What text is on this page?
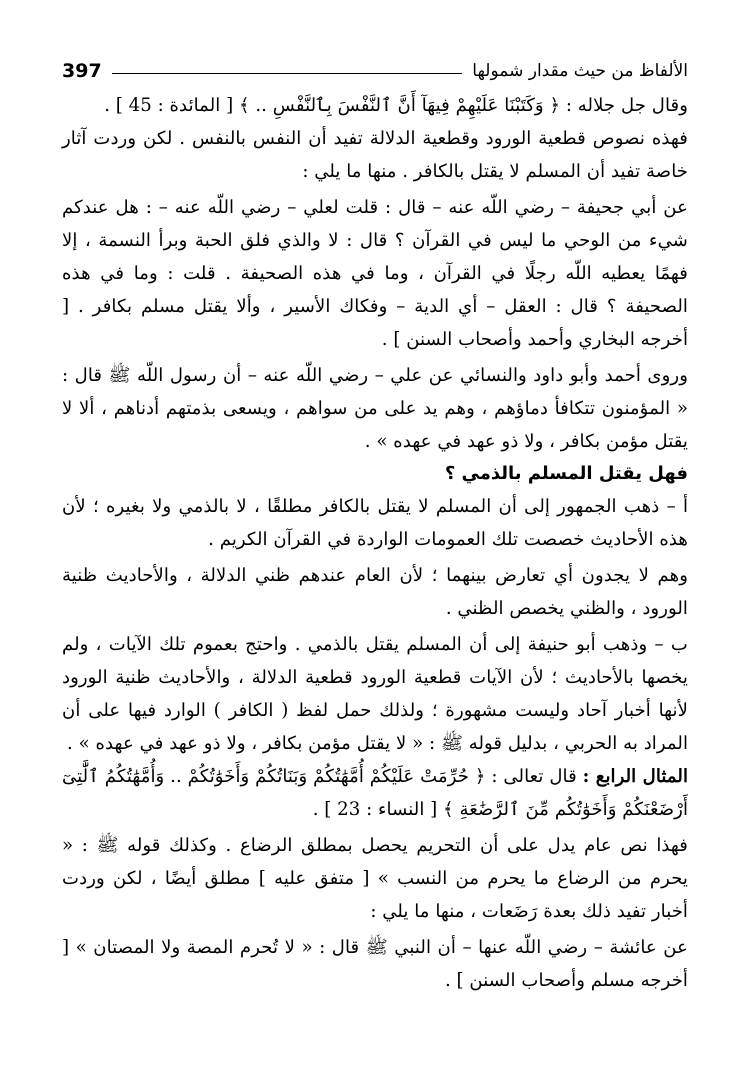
الألفاظ من حيث مقدار شمولها
397

وقال جل جلاله : ﴿ وَكَتَبْنَا عَلَيْهِمْ فِيهَآ أَنَّ ٱلنَّفْسَ بِٱلنَّفْسِ .. ﴾ [ المائدة : 45 ] .

فهذه نصوص قطعية الورود وقطعية الدلالة تفيد أن النفس بالنفس . لكن وردت آثار خاصة تفيد أن المسلم لا يقتل بالكافر . منها ما يلي :

عن أبي جحيفة – رضي اللّه عنه – قال : قلت لعلي – رضي اللّه عنه – : هل عندكم شيء من الوحي ما ليس في القرآن ؟ قال : لا والذي فلق الحبة وبرأ النسمة ، إلا فهمًا يعطيه اللّه رجلًا في القرآن ، وما في هذه الصحيفة . قلت : وما في هذه الصحيفة ؟ قال : العقل – أي الدية – وفكاك الأسير ، وألا يقتل مسلم بكافر . [ أخرجه البخاري وأحمد وأصحاب السنن ] .

وروى أحمد وأبو داود والنسائي عن علي – رضي اللّه عنه – أن رسول اللّه ﷺ قال : « المؤمنون تتكافأ دماؤهم ، وهم يد على من سواهم ، ويسعى بذمتهم أدناهم ، ألا لا يقتل مؤمن بكافر ، ولا ذو عهد في عهده » .

فهل يقتل المسلم بالذمي ؟

أ – ذهب الجمهور إلى أن المسلم لا يقتل بالكافر مطلقًا ، لا بالذمي ولا بغيره ؛ لأن هذه الأحاديث خصصت تلك العمومات الواردة في القرآن الكريم .

وهم لا يجدون أي تعارض بينهما ؛ لأن العام عندهم ظني الدلالة ، والأحاديث ظنية الورود ، والظني يخصص الظني .

ب – وذهب أبو حنيفة إلى أن المسلم يقتل بالذمي . واحتج بعموم تلك الآيات ، ولم يخصها بالأحاديث ؛ لأن الآيات قطعية الورود قطعية الدلالة ، والأحاديث ظنية الورود لأنها أخبار آحاد وليست مشهورة ؛ ولذلك حمل لفظ ( الكافر ) الوارد فيها على أن المراد به الحربي ، بدليل قوله ﷺ : « لا يقتل مؤمن بكافر ، ولا ذو عهد في عهده » .

المثال الرابع : قال تعالى : ﴿ حُرِّمَتْ عَلَيْكُمْ أُمَّهَٰتُكُمْ وَبَنَاتُكُمْ وَأَخَوَٰتُكُمْ .. وَأُمَّهَٰتُكُمُ ٱلَّٰتِىٓ أَرْضَعْنَكُمْ وَأَخَوَٰتُكُم مِّنَ ٱلرَّضَٰعَةِ ﴾ [ النساء : 23 ] .

فهذا نص عام يدل على أن التحريم يحصل بمطلق الرضاع . وكذلك قوله ﷺ : « يحرم من الرضاع ما يحرم من النسب » [ متفق عليه ] مطلق أيضًا ، لكن وردت أخبار تفيد ذلك بعدة رَضَعات ، منها ما يلي :

عن عائشة – رضي اللّه عنها – أن النبي ﷺ قال : « لا تُحرم المصة ولا المصتان » [ أخرجه مسلم وأصحاب السنن ] .
